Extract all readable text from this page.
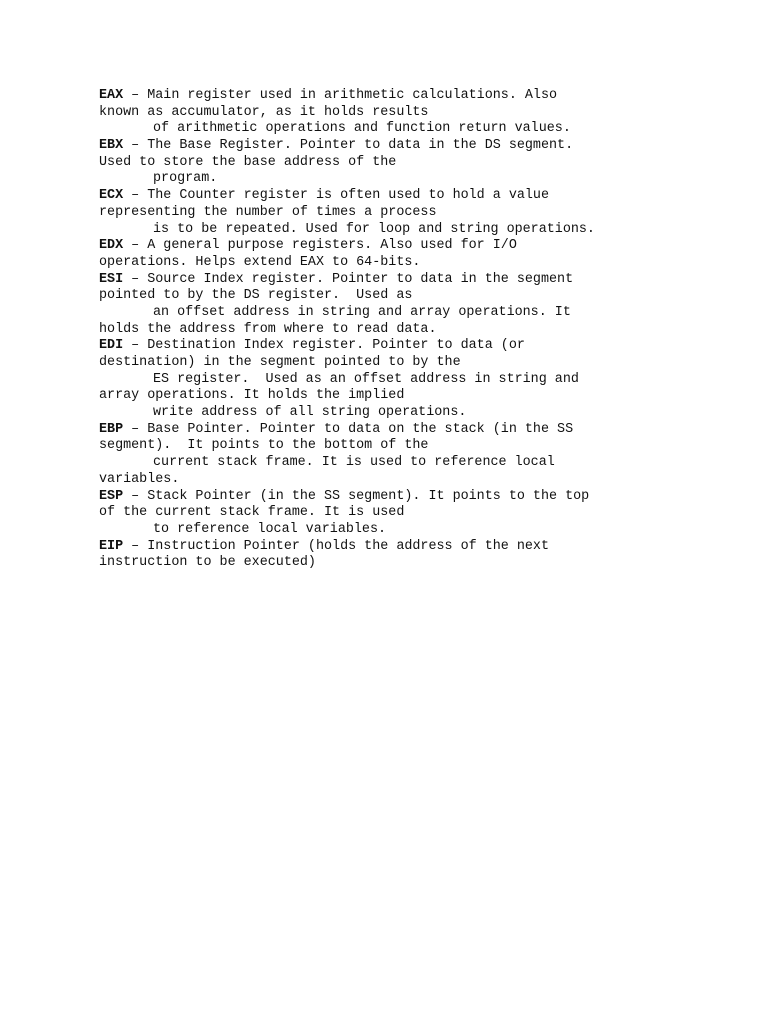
EAX – Main register used in arithmetic calculations. Also
known as accumulator, as it holds results
of arithmetic operations and function return values.
EBX – The Base Register. Pointer to data in the DS segment.
Used to store the base address of the
program.
ECX – The Counter register is often used to hold a value
representing the number of times a process
is to be repeated. Used for loop and string operations.
EDX – A general purpose registers. Also used for I/O
operations. Helps extend EAX to 64-bits.
ESI – Source Index register. Pointer to data in the segment
pointed to by the DS register.  Used as
an offset address in string and array operations. It
holds the address from where to read data.
EDI – Destination Index register. Pointer to data (or
destination) in the segment pointed to by the
ES register.  Used as an offset address in string and
array operations. It holds the implied
write address of all string operations.
EBP – Base Pointer. Pointer to data on the stack (in the SS
segment).  It points to the bottom of the
current stack frame. It is used to reference local
variables.
ESP – Stack Pointer (in the SS segment). It points to the top
of the current stack frame. It is used
to reference local variables.
EIP – Instruction Pointer (holds the address of the next
instruction to be executed)
